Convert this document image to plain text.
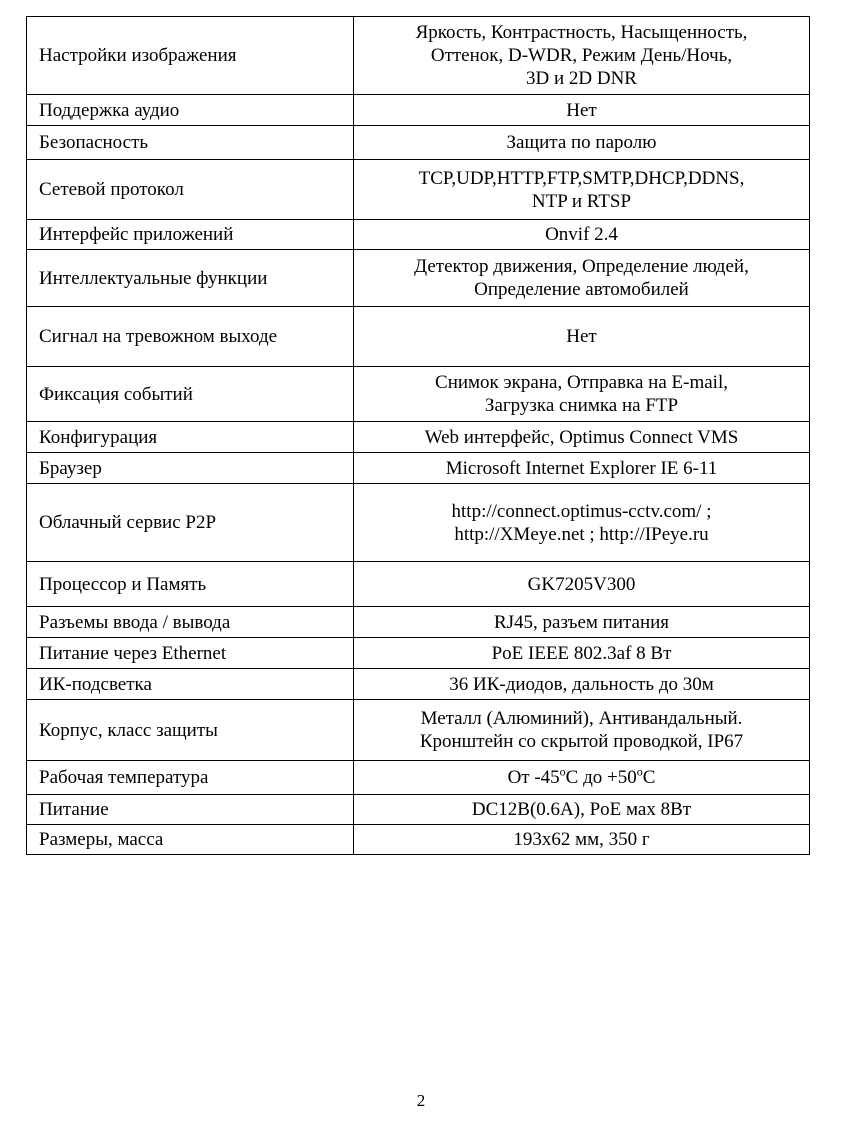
Настройки изображения	Яркость, Контрастность, Насыщенность,
Оттенок, D-WDR, Режим День/Ночь,
3D и 2D DNR

Поддержка аудио	Нет

Безопасность	Защита по паролю

Сетевой протокол	TCP,UDP,HTTP,FTP,SMTP,DHCP,DDNS,
NTP и RTSP

Интерфейс приложений	Onvif 2.4

Интеллектуальные функции	Детектор движения, Определение людей,
Определение автомобилей

Сигнал на тревожном выходе	Нет

Фиксация событий	Снимок экрана, Отправка на E-mail,
Загрузка снимка на FTP

Конфигурация	Web интерфейс, Optimus Connect VMS

Браузер	Microsoft Internet Explorer IE 6-11

Облачный сервис P2P	http://connect.optimus-cctv.com/ ;
http://XMeye.net ; http://IPeye.ru

Процессор и Память	GK7205V300

Разъемы ввода / вывода	RJ45, разъем питания

Питание через Ethernet	PoE IEEE 802.3af 8 Вт

ИК-подсветка	36 ИК-диодов, дальность до 30м

Корпус, класс защиты	Металл (Алюминий), Антивандальный.
Кронштейн со скрытой проводкой, IP67

Рабочая температура	От -45$^o$C до $+50^oC$
Питание	DC12В(0.6А), PoE мах 8Вт

Размеры, масса	193х62 мм, 350 г
2
